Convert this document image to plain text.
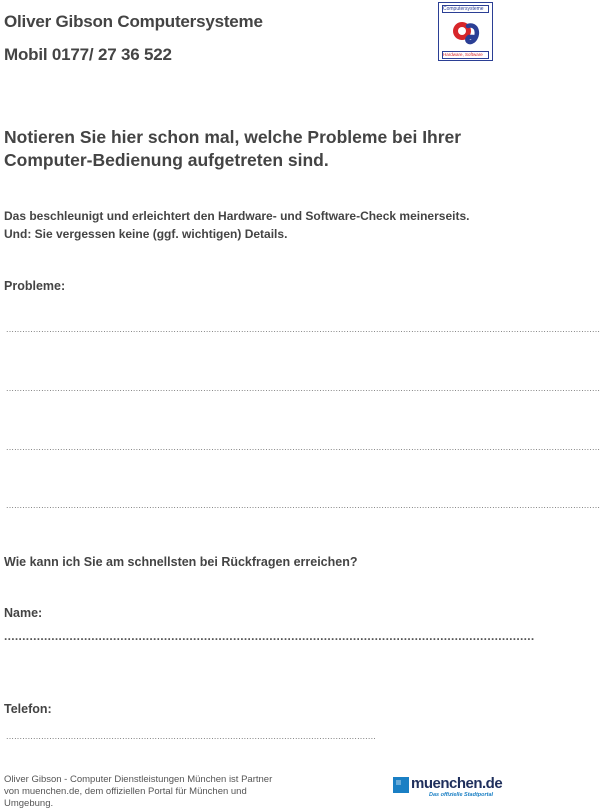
Oliver Gibson Computersysteme
Mobil 0177/ 27 36 522
Computersysteme
Hardware, Software
Notieren Sie hier schon mal, welche Probleme bei Ihrer Computer-Bedienung aufgetreten sind.
Das beschleunigt und erleichtert den Hardware- und Software-Check meinerseits. Und: Sie vergessen keine (ggf. wichtigen) Details.
Probleme:
............................................................................................................................................................................................................................
............................................................................................................................................................................................................................
............................................................................................................................................................................................................................
............................................................................................................................................................................................................................
Wie kann ich Sie am schnellsten bei Rückfragen erreichen?
Name:
..................................................................................................................................................
Telefon:
.........................................................................................................................................
Oliver Gibson - Computer Dienstleistungen München ist Partner von muenchen.de, dem offiziellen Portal für München und Umgebung.
muenchen.de
Das offizielle Stadtportal
